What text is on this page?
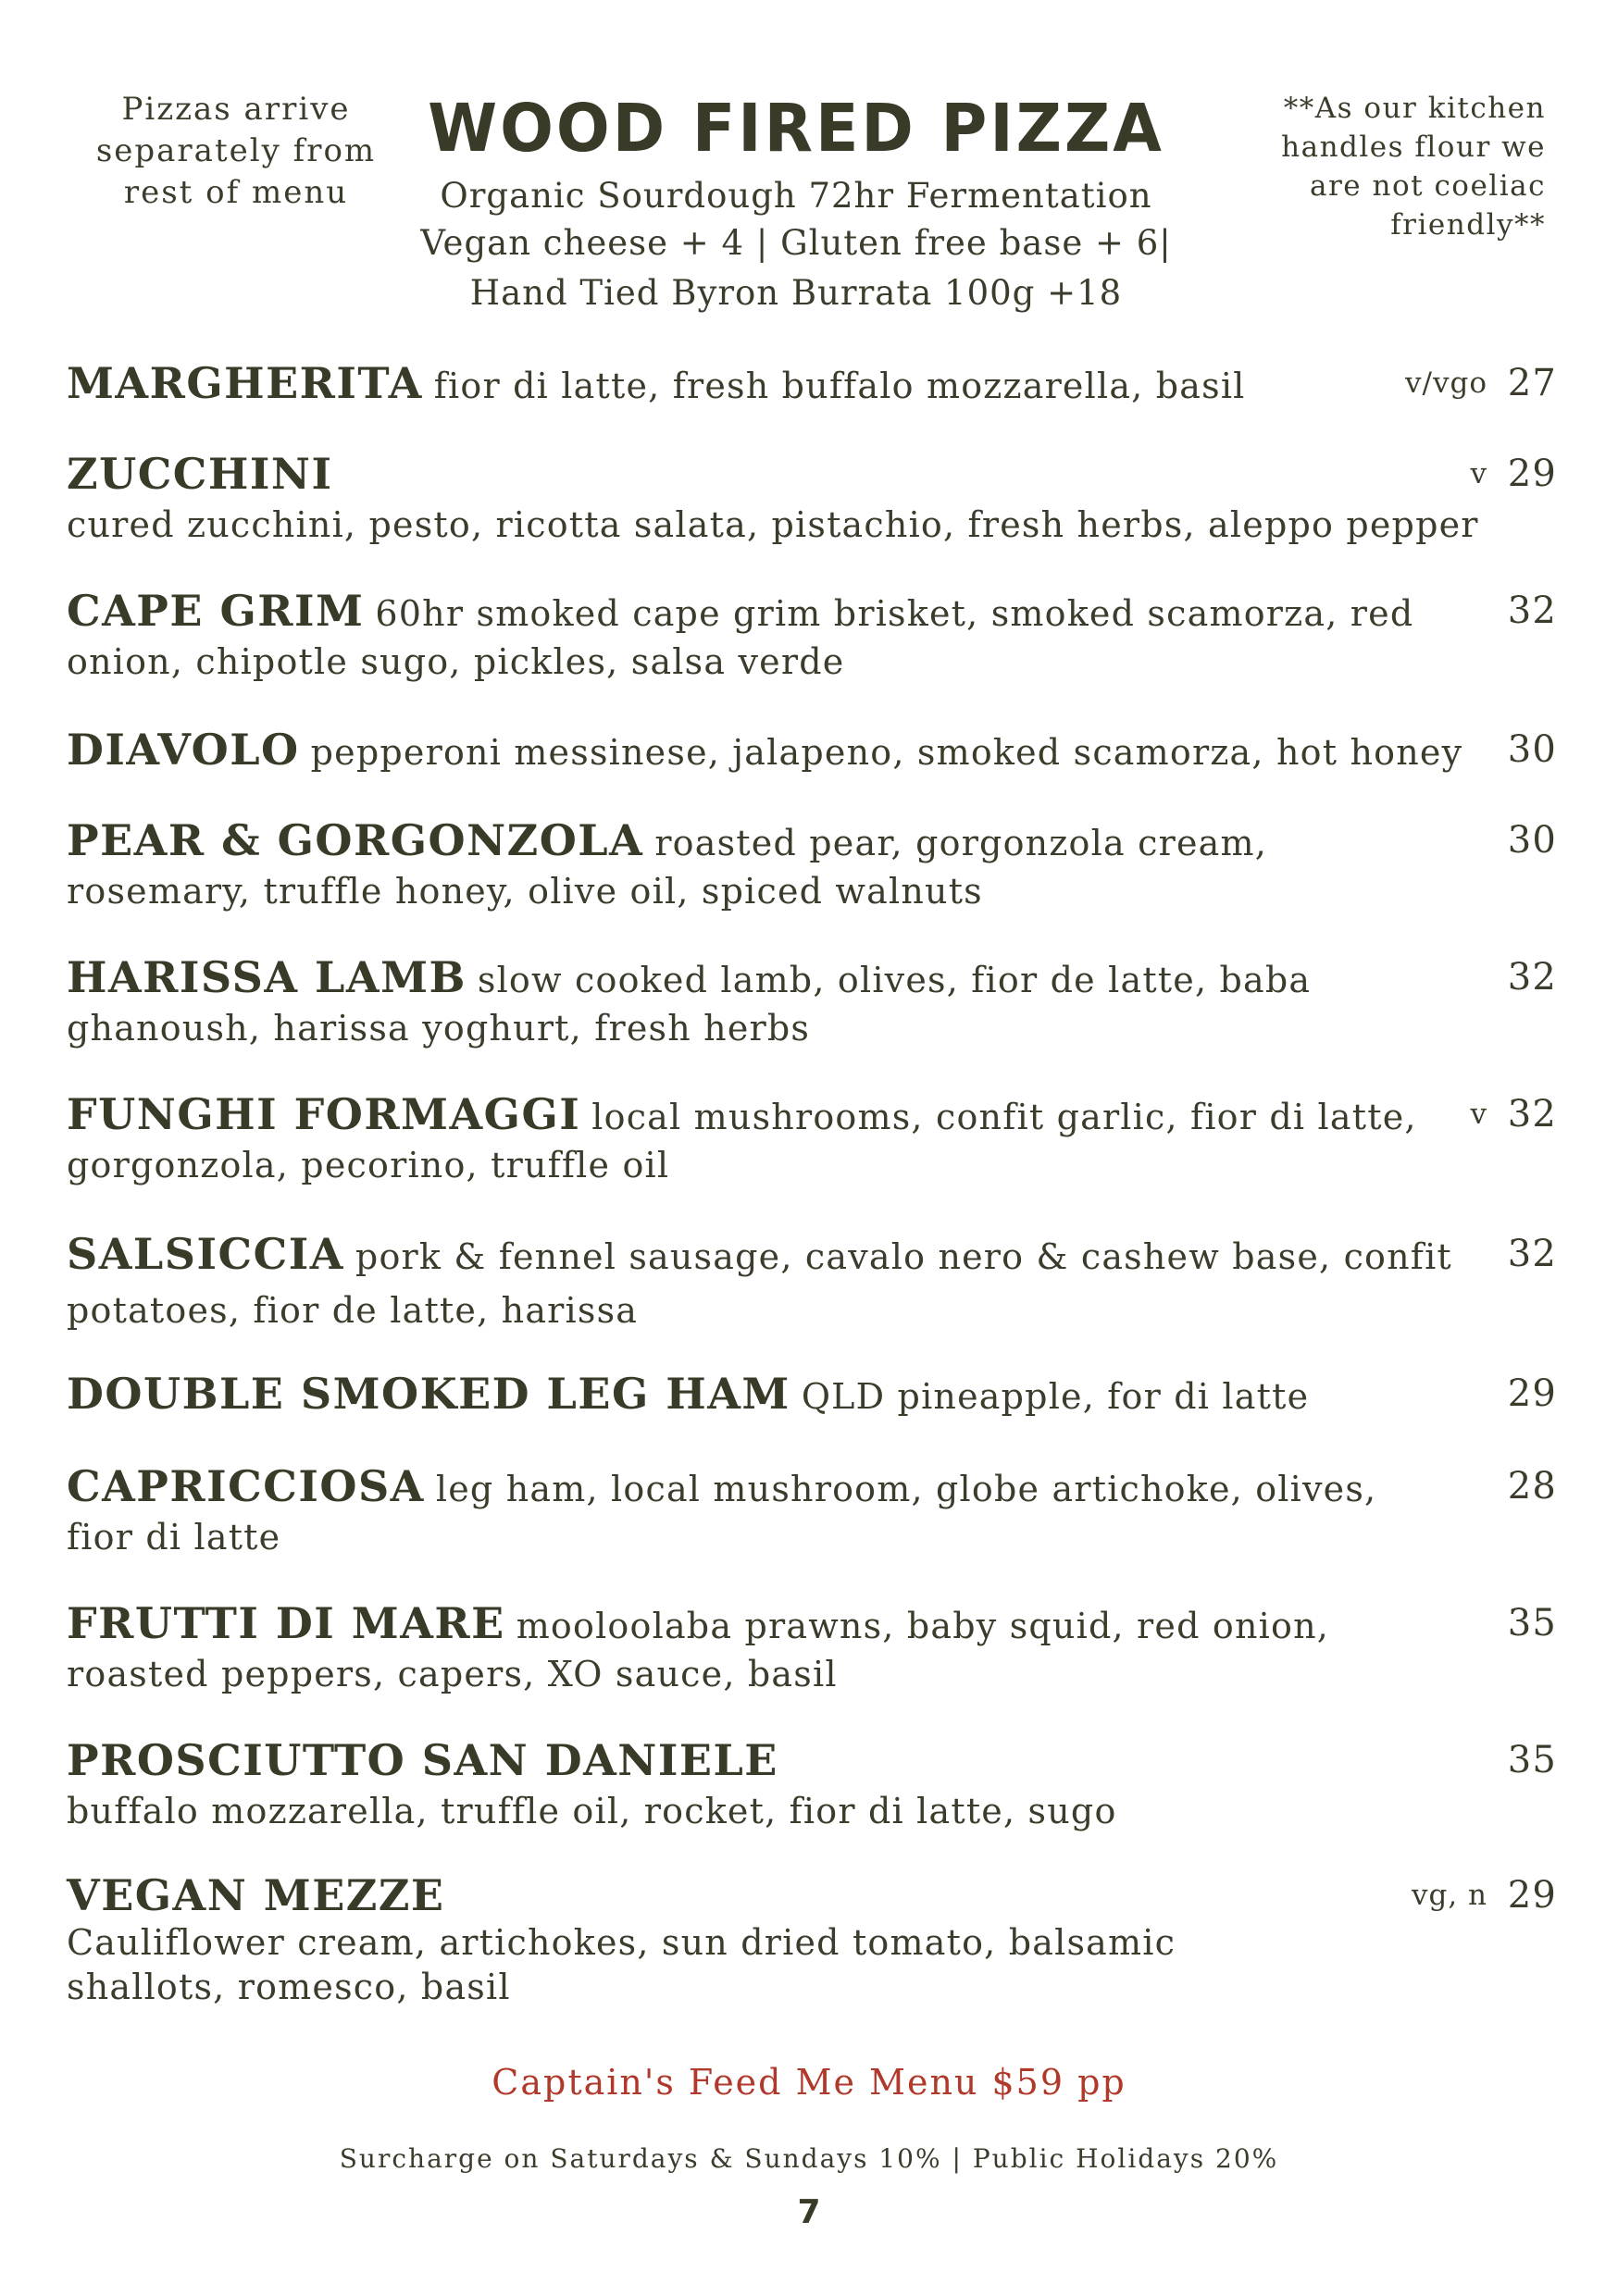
Pizzas arrive
separately from
rest of menu
WOOD FIRED PIZZA
Organic Sourdough 72hr Fermentation
Vegan cheese + 4 | Gluten free base + 6|
Hand Tied Byron Burrata 100g +18
**As our kitchen
handles flour we
are not coeliac
friendly**
MARGHERITA fior di latte, fresh buffalo mozzarella, basil	v/vgo 27
ZUCCHINI
cured zucchini, pesto, ricotta salata, pistachio, fresh herbs, aleppo pepper
v 29
CAPE GRIM 60hr smoked cape grim brisket, smoked scamorza, red onion, chipotle sugo, pickles, salsa verde
32
DIAVOLO pepperoni messinese, jalapeno, smoked scamorza, hot honey	30
PEAR & GORGONZOLA roasted pear, gorgonzola cream, rosemary, truffle honey, olive oil, spiced walnuts
30
HARISSA LAMB slow cooked lamb, olives, fior de latte, baba ghanoush, harissa yoghurt, fresh herbs
32
FUNGHI FORMAGGI local mushrooms, confit garlic, fior di latte, gorgonzola, pecorino, truffle oil
v 32
SALSICCIA pork & fennel sausage, cavalo nero & cashew base, confit potatoes, fior de latte, harissa
32
DOUBLE SMOKED LEG HAM QLD pineapple, for di latte	29
CAPRICCIOSA leg ham, local mushroom, globe artichoke, olives, fior di latte
28
FRUTTI DI MARE mooloolaba prawns, baby squid, red onion, roasted peppers, capers, XO sauce, basil
35
PROSCIUTTO SAN DANIELE
buffalo mozzarella, truffle oil, rocket, fior di latte, sugo
35
VEGAN MEZZE
Cauliflower cream, artichokes, sun dried tomato, balsamic shallots, romesco, basil
vg, n 29
Captain's Feed Me Menu $59 pp
Surcharge on Saturdays & Sundays 10% | Public Holidays 20%
7
